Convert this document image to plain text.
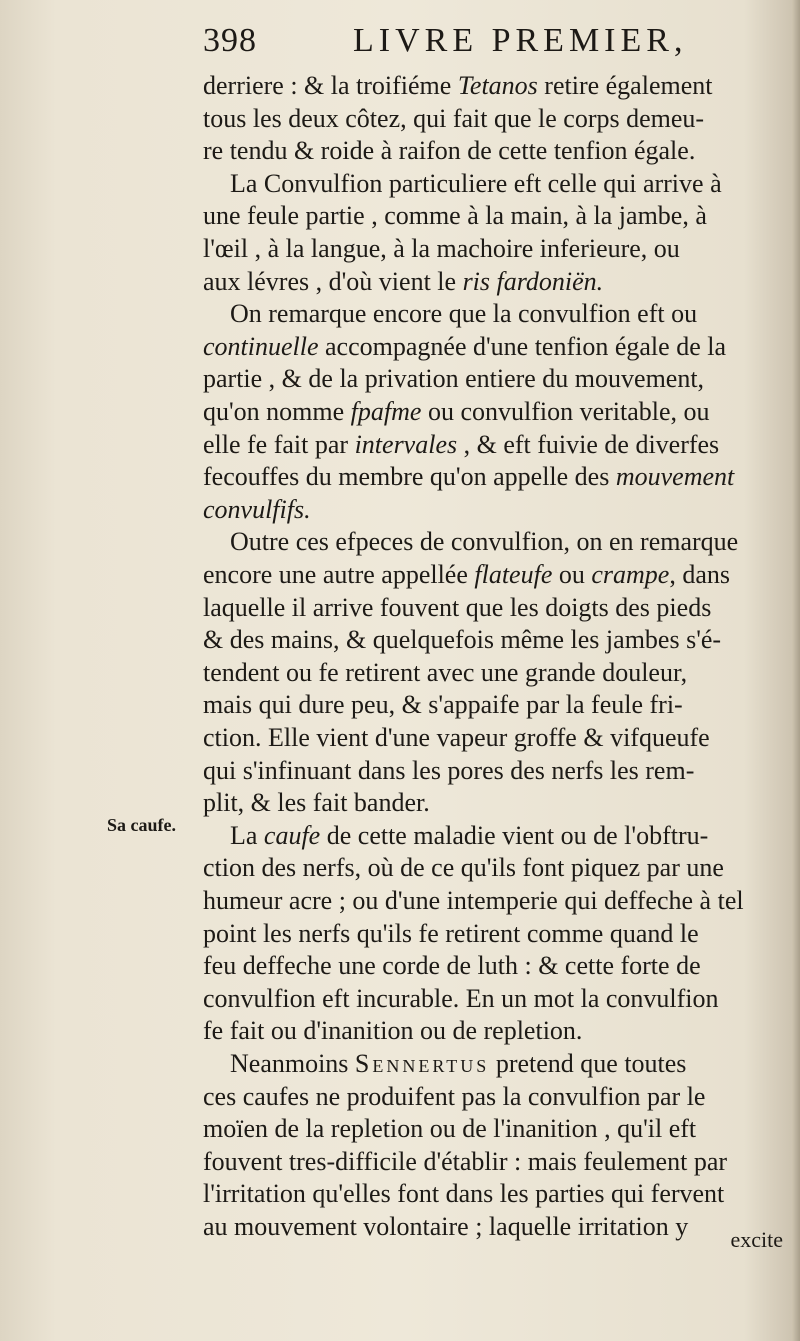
398	LIVRE PREMIER,
Sa caufe.
derriere : & la troifiéme Tetanos retire également
tous les deux côtez, qui fait que le corps demeu-
re tendu & roide à raifon de cette tenfion égale.
La Convulfion particuliere eft celle qui arrive à
une feule partie , comme à la main, à la jambe, à
l'œil , à la langue, à la machoire inferieure, ou
aux lévres , d'où vient le ris fardoniën.
On remarque encore que la convulfion eft ou
continuelle accompagnée d'une tenfion égale de la
partie , & de la privation entiere du mouvement,
qu'on nomme fpafme ou convulfion veritable, ou
elle fe fait par intervales , & eft fuivie de diverfes
fecouffes du membre qu'on appelle des mouvement
convulfifs.
Outre ces efpeces de convulfion, on en remarque
encore une autre appellée flateufe ou crampe, dans
laquelle il arrive fouvent que les doigts des pieds
& des mains, & quelquefois même les jambes s'é-
tendent ou fe retirent avec une grande douleur,
mais qui dure peu, & s'appaife par la feule fri-
ction. Elle vient d'une vapeur groffe & vifqueufe
qui s'infinuant dans les pores des nerfs les rem-
plit, & les fait bander.
La caufe de cette maladie vient ou de l'obftru-
ction des nerfs, où de ce qu'ils font piquez par une
humeur acre ; ou d'une intemperie qui deffeche à tel
point les nerfs qu'ils fe retirent comme quand le
feu deffeche une corde de luth : & cette forte de
convulfion eft incurable. En un mot la convulfion
fe fait ou d'inanition ou de repletion.
Neanmoins Sennertus pretend que toutes
ces caufes ne produifent pas la convulfion par le
moïen de la repletion ou de l'inanition , qu'il eft
fouvent tres-difficile d'établir : mais feulement par
l'irritation qu'elles font dans les parties qui fervent
au mouvement volontaire ; laquelle irritation y	excite
